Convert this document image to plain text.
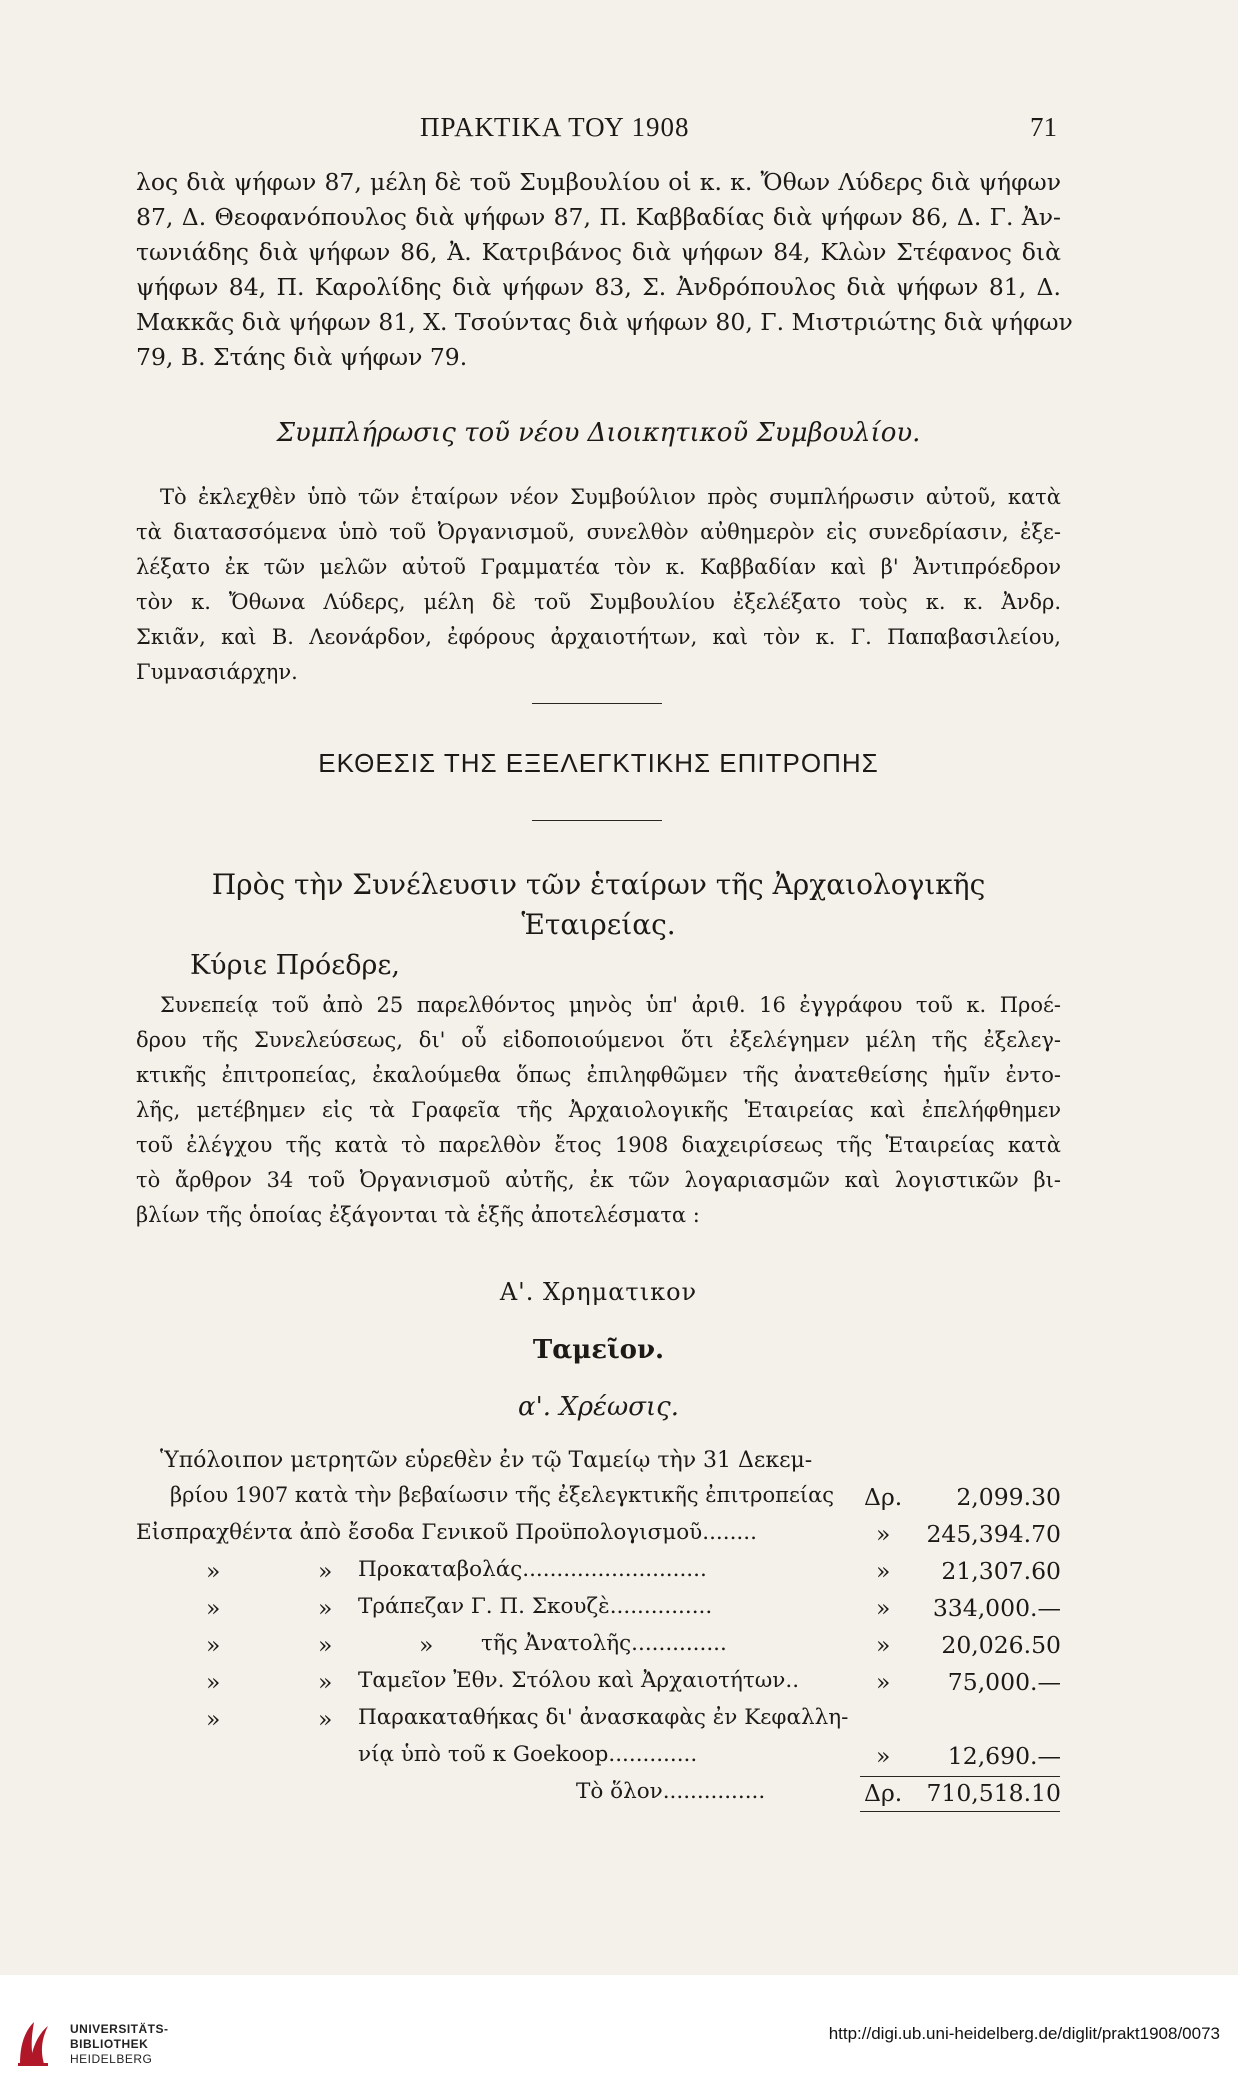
ΠΡΑΚΤΙΚΑ ΤΟΥ 1908	71
λος διὰ ψήφων 87, μέλη δὲ τοῦ Συμβουλίου οἱ κ. κ. Ὄθων Λύδερς διὰ ψήφων
87, Δ. Θεοφανόπουλος διὰ ψήφων 87, Π. Καββαδίας διὰ ψήφων 86, Δ. Γ. Ἀν-
τωνιάδης διὰ ψήφων 86, Ἀ. Κατριβάνος διὰ ψήφων 84, Κλὼν Στέφανος διὰ
ψήφων 84, Π. Καρολίδης διὰ ψήφων 83, Σ. Ἀνδρόπουλος διὰ ψήφων 81, Δ.
Μακκᾶς διὰ ψήφων 81, Χ. Τσούντας διὰ ψήφων 80, Γ. Μιστριώτης διὰ ψήφων
79, Β. Στάης διὰ ψήφων 79.
Συμπλήρωσις τοῦ νέου Διοικητικοῦ Συμβουλίου.
Τὸ ἐκλεχθὲν ὑπὸ τῶν ἑταίρων νέον Συμβούλιον πρὸς συμπλήρωσιν αὐτοῦ, κατὰ
τὰ διατασσόμενα ὑπὸ τοῦ Ὀργανισμοῦ, συνελθὸν αὐθημερὸν εἰς συνεδρίασιν, ἐξε-
λέξατο ἐκ τῶν μελῶν αὐτοῦ Γραμματέα τὸν κ. Καββαδίαν καὶ β' Ἀντιπρόεδρον
τὸν κ. Ὄθωνα Λύδερς, μέλη δὲ τοῦ Συμβουλίου ἐξελέξατο τοὺς κ. κ. Ἀνδρ.
Σκιᾶν, καὶ Β. Λεονάρδον, ἐφόρους ἀρχαιοτήτων, καὶ τὸν κ. Γ. Παπαβασιλείου,
Γυμνασιάρχην.
ΕΚΘΕΣΙΣ ΤΗΣ ΕΞΕΛΕΓΚΤΙΚΗΣ ΕΠΙΤΡΟΠΗΣ
Πρὸς τὴν Συνέλευσιν τῶν ἑταίρων τῆς Ἀρχαιολογικῆς
Ἑταιρείας.
Κύριε Πρόεδρε,
Συνεπείᾳ τοῦ ἀπὸ 25 παρελθόντος μηνὸς ὑπ' ἀριθ. 16 ἐγγράφου τοῦ κ. Προέ-
δρου τῆς Συνελεύσεως, δι' οὗ εἰδοποιούμενοι ὅτι ἐξελέγημεν μέλη τῆς ἐξελεγ-
κτικῆς ἐπιτροπείας, ἐκαλούμεθα ὅπως ἐπιληφθῶμεν τῆς ἀνατεθείσης ἡμῖν ἐντο-
λῆς, μετέβημεν εἰς τὰ Γραφεῖα τῆς Ἀρχαιολογικῆς Ἑταιρείας καὶ ἐπελήφθημεν
τοῦ ἐλέγχου τῆς κατὰ τὸ παρελθὸν ἔτος 1908 διαχειρίσεως τῆς Ἑταιρείας κατὰ
τὸ ἄρθρον 34 τοῦ Ὀργανισμοῦ αὐτῆς, ἐκ τῶν λογαριασμῶν καὶ λογιστικῶν βι-
βλίων τῆς ὁποίας ἐξάγονται τὰ ἑξῆς ἀποτελέσματα :
Α'. Χρηματικον
Ταμεῖον.
α'. Χρέωσις.
Ὑπόλοιπον μετρητῶν εὑρεθὲν ἐν τῷ Ταμείῳ τὴν 31 Δεκεμ-
βρίου 1907 κατὰ τὴν βεβαίωσιν τῆς ἐξελεγκτικῆς ἐπιτροπείας Δρ.	2,099.30
Εἰσπραχθέντα ἀπὸ ἔσοδα Γενικοῦ Προϋπολογισμοῦ........	»	245,394.70
»	» Προκαταβολάς...........................	»	21,307.60
»	» Τράπεζαν Γ. Π. Σκουζὲ...............	»	334,000.—
»	»	» τῆς Ἀνατολῆς..............	»	20,026.50
»	» Ταμεῖον Ἐθν. Στόλου καὶ Ἀρχαιοτήτων..	»	75,000.—
»	» Παρακαταθήκας δι' ἀνασκαφὰς ἐν Κεφαλλη-
νίᾳ ὑπὸ τοῦ κ Goekoop.............	»	12,690.—
Τὸ ὅλον...............	Δρ.	710,518.10
UNIVERSITÄTS-
BIBLIOTHEK
HEIDELBERG
http://digi.ub.uni-heidelberg.de/diglit/prakt1908/0073
